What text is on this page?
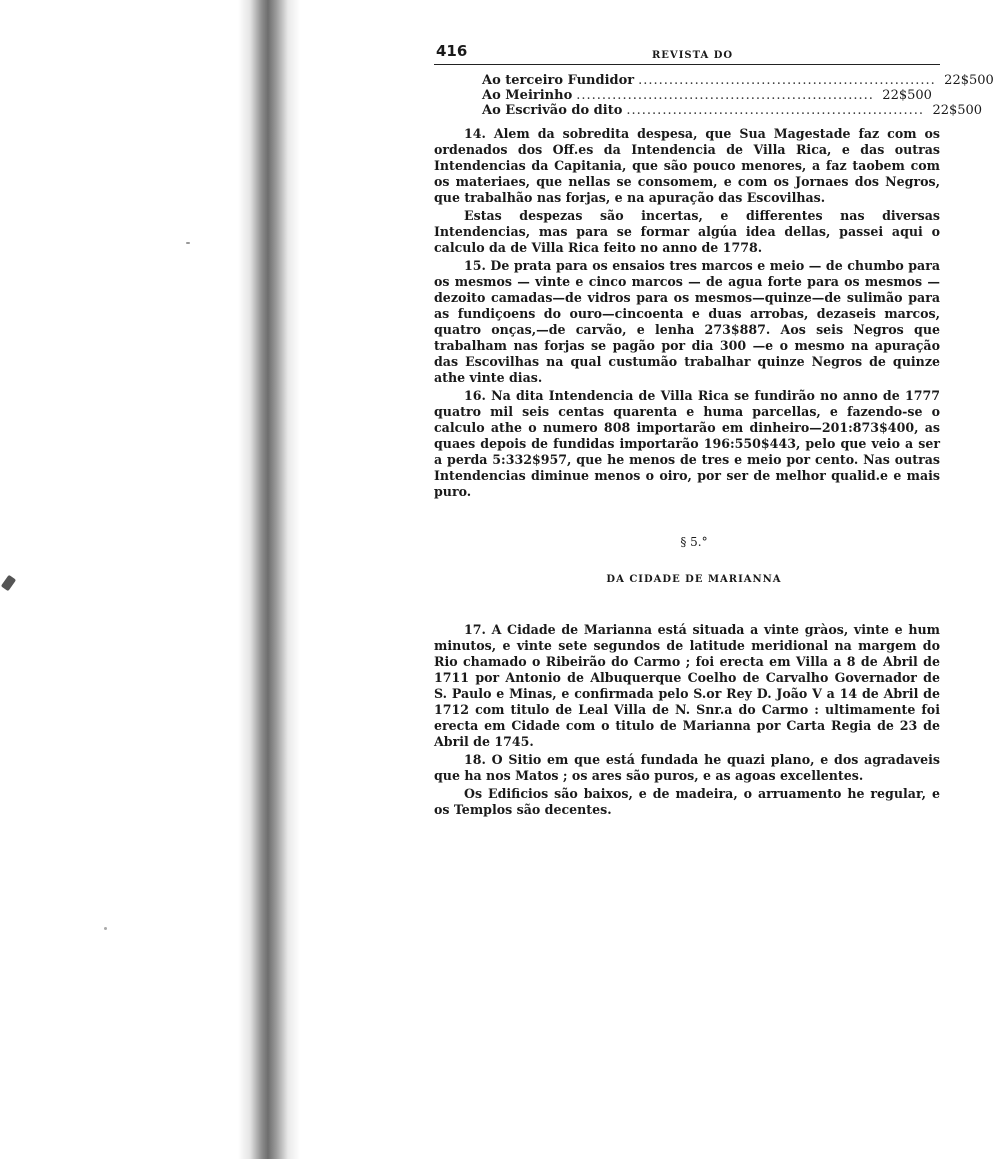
416	REVISTA DO
Ao terceiro Fundidor .......................................................... 22$500
Ao Meirinho .......................................................... 22$500
Ao Escrivão do dito .......................................................... 22$500

14. Alem da sobredita despesa, que Sua Magestade faz com os ordenados dos Off.es da Intendencia de Villa Rica, e das outras Intendencias da Capitania, que são pouco menores, a faz taobem com os materiaes, que nellas se consomem, e com os Jornaes dos Negros, que trabalhão nas forjas, e na apuração das Escovilhas.

Estas despezas são incertas, e differentes nas diversas Intendencias, mas para se formar algúa idea dellas, passei aqui o calculo da de Villa Rica feito no anno de 1778.

15. De prata para os ensaios tres marcos e meio — de chumbo para os mesmos — vinte e cinco marcos — de agua forte para os mesmos — dezoito camadas—de vidros para os mesmos—quinze—de sulimão para as fundiçoens do ouro—cincoenta e duas arrobas, dezaseis marcos, quatro onças,—de carvão, e lenha 273$887. Aos seis Negros que trabalham nas forjas se pagão por dia 300 —e o mesmo na apuração das Escovilhas na qual custumão trabalhar quinze Negros de quinze athe vinte dias.

16. Na dita Intendencia de Villa Rica se fundirão no anno de 1777 quatro mil seis centas quarenta e huma parcellas, e fazendo-se o calculo athe o numero 808 importarão em dinheiro—201:873$400, as quaes depois de fundidas importarão 196:550$443, pelo que veio a ser a perda 5:332$957, que he menos de tres e meio por cento. Nas outras Intendencias diminue menos o oiro, por ser de melhor qualid.e e mais puro.

§ 5.°
DA CIDADE DE MARIANNA

17. A Cidade de Marianna está situada a vinte gràos, vinte e hum minutos, e vinte sete segundos de latitude meridional na margem do Rio chamado o Ribeirão do Carmo ; foi erecta em Villa a 8 de Abril de 1711 por Antonio de Albuquerque Coelho de Carvalho Governador de S. Paulo e Minas, e confirmada pelo S.or Rey D. João V a 14 de Abril de 1712 com titulo de Leal Villa de N. Snr.a do Carmo : ultimamente foi erecta em Cidade com o titulo de Marianna por Carta Regia de 23 de Abril de 1745.

18. O Sitio em que está fundada he quazi plano, e dos agradaveis que ha nos Matos ; os ares são puros, e as agoas excellentes.

Os Edificios são baixos, e de madeira, o arruamento he regular, e os Templos são decentes.
